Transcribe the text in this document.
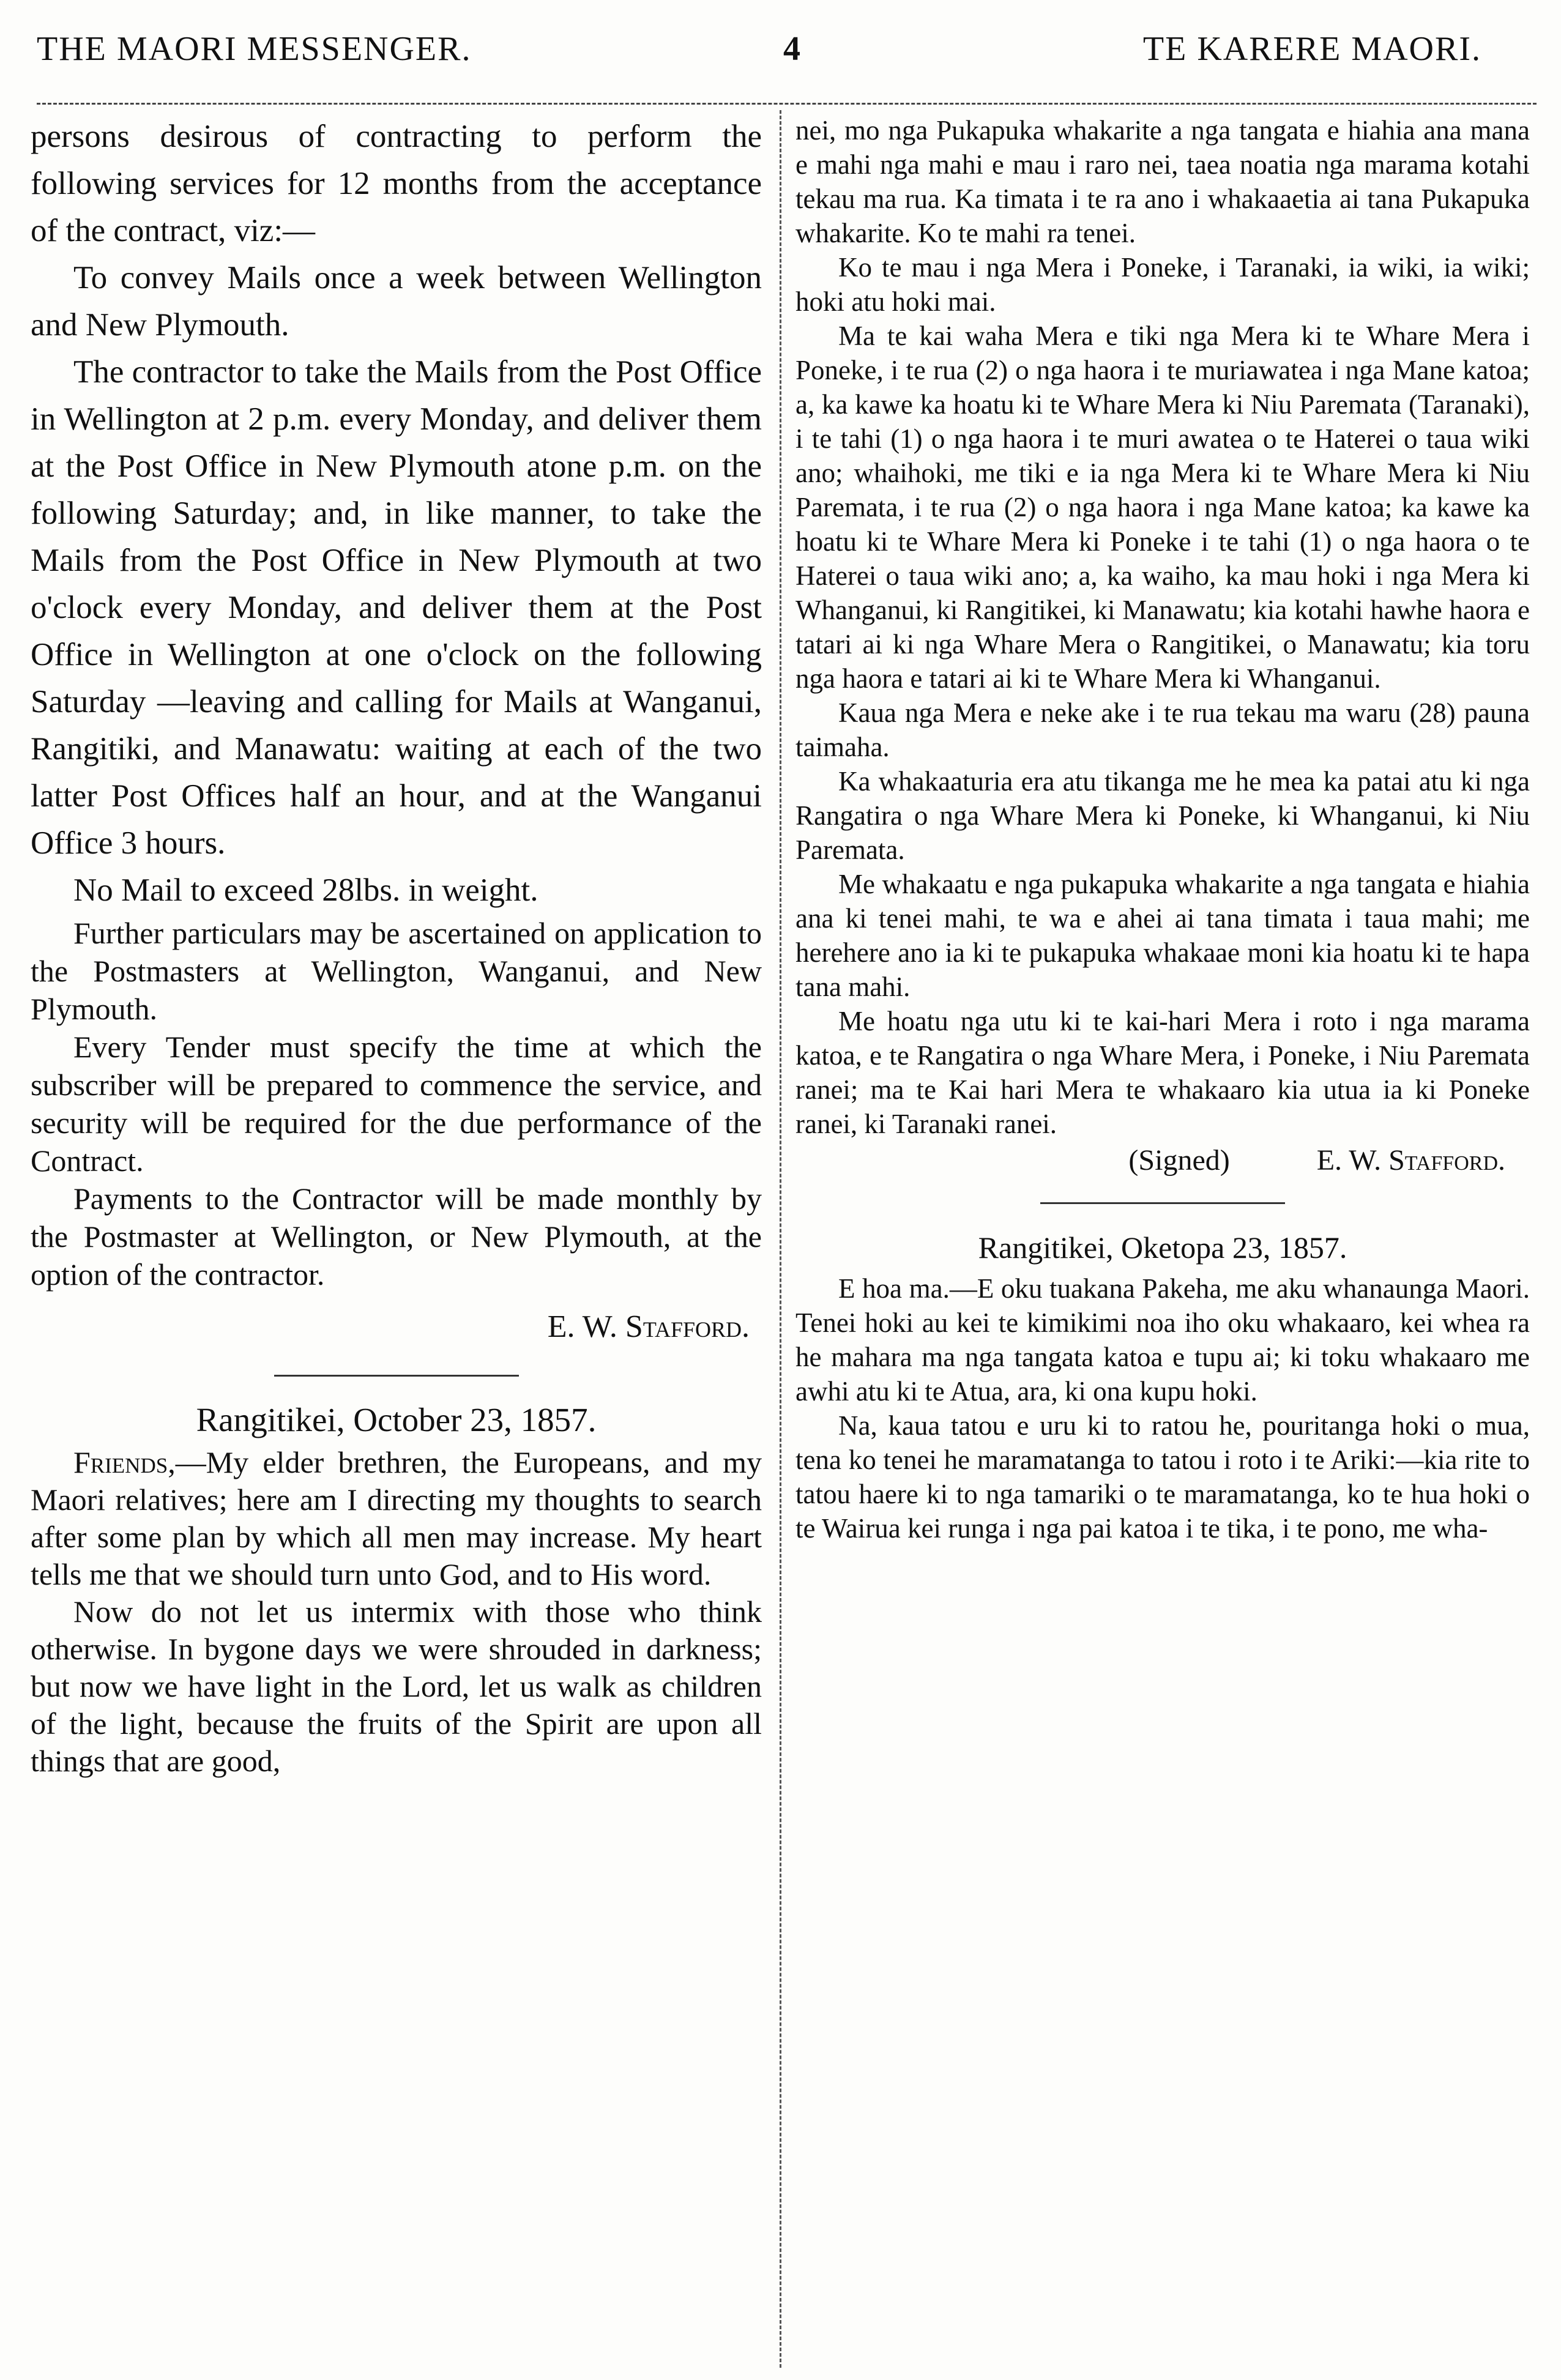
THE MAORI MESSENGER.	4	TE KARERE MAORI.

persons desirous of contracting to perform the following services for 12 months from the acceptance of the contract, viz:—

To convey Mails once a week between Wellington and New Plymouth.

The contractor to take the Mails from the Post Office in Wellington at 2 p.m. every Monday, and deliver them at the Post Office in New Plymouth atone p.m. on the following Saturday; and, in like manner, to take the Mails from the Post Office in New Plymouth at two o'clock every Monday, and deliver them at the Post Office in Wellington at one o'clock on the following Saturday —leaving and calling for Mails at Wanganui, Rangitiki, and Manawatu: waiting at each of the two latter Post Offices half an hour, and at the Wanganui Office 3 hours.

No Mail to exceed 28lbs. in weight.

Further particulars may be ascertained on application to the Postmasters at Wellington, Wanganui, and New Plymouth.

Every Tender must specify the time at which the subscriber will be prepared to commence the service, and security will be required for the due performance of the Contract.

Payments to the Contractor will be made monthly by the Postmaster at Wellington, or New Plymouth, at the option of the contractor.

E. W. Stafford.

Rangitikei, October 23, 1857.

Friends,—My elder brethren, the Europeans, and my Maori relatives; here am I directing my thoughts to search after some plan by which all men may increase. My heart tells me that we should turn unto God, and to His word.

Now do not let us intermix with those who think otherwise. In bygone days we were shrouded in darkness; but now we have light in the Lord, let us walk as children of the light, because the fruits of the Spirit are upon all things that are good,

nei, mo nga Pukapuka whakarite a nga tangata e hiahia ana mana e mahi nga mahi e mau i raro nei, taea noatia nga marama kotahi tekau ma rua. Ka timata i te ra ano i whakaaetia ai tana Pukapuka whakarite. Ko te mahi ra tenei.

Ko te mau i nga Mera i Poneke, i Taranaki, ia wiki, ia wiki; hoki atu hoki mai.

Ma te kai waha Mera e tiki nga Mera ki te Whare Mera i Poneke, i te rua (2) o nga haora i te muriawatea i nga Mane katoa; a, ka kawe ka hoatu ki te Whare Mera ki Niu Paremata (Taranaki), i te tahi (1) o nga haora i te muri awatea o te Haterei o taua wiki ano; whaihoki, me tiki e ia nga Mera ki te Whare Mera ki Niu Paremata, i te rua (2) o nga haora i nga Mane katoa; ka kawe ka hoatu ki te Whare Mera ki Poneke i te tahi (1) o nga haora o te Haterei o taua wiki ano; a, ka waiho, ka mau hoki i nga Mera ki Whanganui, ki Rangitikei, ki Manawatu; kia kotahi hawhe haora e tatari ai ki nga Whare Mera o Rangitikei, o Manawatu; kia toru nga haora e tatari ai ki te Whare Mera ki Whanganui.

Kaua nga Mera e neke ake i te rua tekau ma waru (28) pauna taimaha.

Ka whakaaturia era atu tikanga me he mea ka patai atu ki nga Rangatira o nga Whare Mera ki Poneke, ki Whanganui, ki Niu Paremata.

Me whakaatu e nga pukapuka whakarite a nga tangata e hiahia ana ki tenei mahi, te wa e ahei ai tana timata i taua mahi; me herehere ano ia ki te pukapuka whakaae moni kia hoatu ki te hapa tana mahi.

Me hoatu nga utu ki te kai-hari Mera i roto i nga marama katoa, e te Rangatira o nga Whare Mera, i Poneke, i Niu Paremata ranei; ma te Kai hari Mera te whakaaro kia utua ia ki Poneke ranei, ki Taranaki ranei.

(Signed)	E. W. Stafford.

Rangitikei, Oketopa 23, 1857.

E hoa ma.—E oku tuakana Pakeha, me aku whanaunga Maori. Tenei hoki au kei te kimikimi noa iho oku whakaaro, kei whea ra he mahara ma nga tangata katoa e tupu ai; ki toku whakaaro me awhi atu ki te Atua, ara, ki ona kupu hoki.

Na, kaua tatou e uru ki to ratou he, pouritanga hoki o mua, tena ko tenei he maramatanga to tatou i roto i te Ariki:—kia rite to tatou haere ki to nga tamariki o te maramatanga, ko te hua hoki o te Wairua kei runga i nga pai katoa i te tika, i te pono, me wha-
